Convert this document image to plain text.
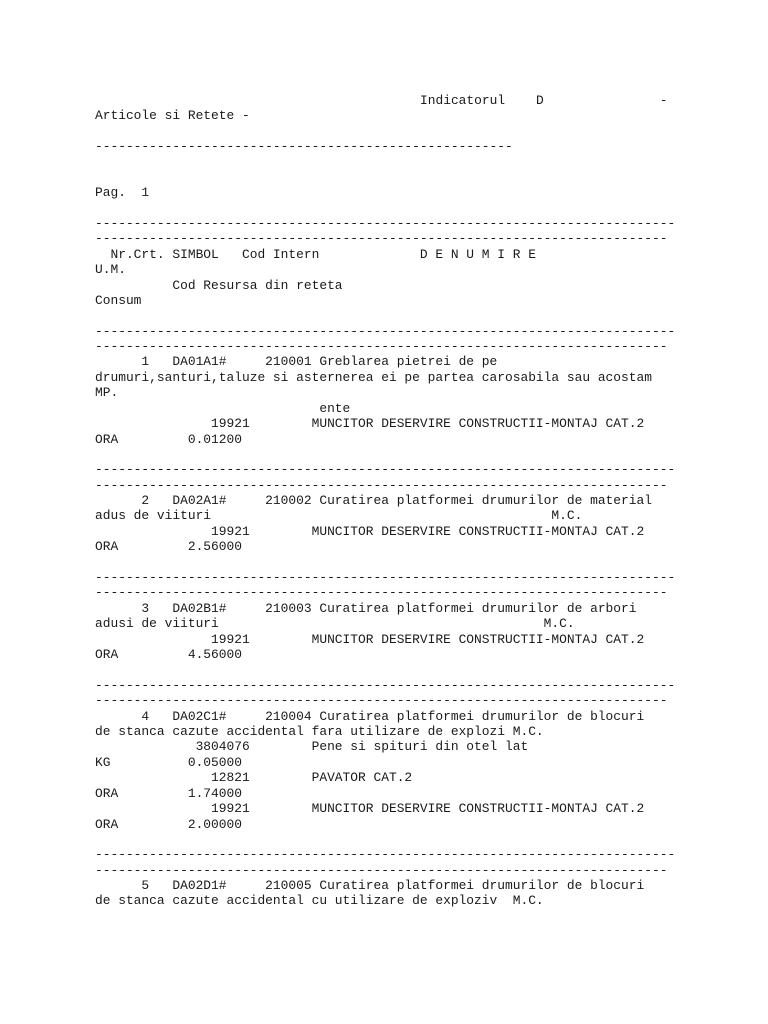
Indicatorul    D               -
Articole si Retete -
------------------------------------------------------
Pag.  1
---------------------------------------------------------------------------
--------------------------------------------------------------------------
Nr.Crt. SIMBOL   Cod Intern             D E N U M I R E
U.M.
Cod Resursa din reteta
Consum
---------------------------------------------------------------------------
--------------------------------------------------------------------------
1   DA01A1#     210001 Greblarea pietrei de pe
drumuri,santuri,taluze si asternerea ei pe partea carosabila sau acostam
MP.
ente
19921        MUNCITOR DESERVIRE CONSTRUCTII-MONTAJ CAT.2
ORA         0.01200
---------------------------------------------------------------------------
--------------------------------------------------------------------------
2   DA02A1#     210002 Curatirea platformei drumurilor de material
adus de viituri                                            M.C.
19921        MUNCITOR DESERVIRE CONSTRUCTII-MONTAJ CAT.2
ORA         2.56000
---------------------------------------------------------------------------
--------------------------------------------------------------------------
3   DA02B1#     210003 Curatirea platformei drumurilor de arbori
adusi de viituri                                          M.C.
19921        MUNCITOR DESERVIRE CONSTRUCTII-MONTAJ CAT.2
ORA         4.56000
---------------------------------------------------------------------------
--------------------------------------------------------------------------
4   DA02C1#     210004 Curatirea platformei drumurilor de blocuri
de stanca cazute accidental fara utilizare de explozi M.C.
3804076        Pene si spituri din otel lat
KG          0.05000
12821        PAVATOR CAT.2
ORA         1.74000
19921        MUNCITOR DESERVIRE CONSTRUCTII-MONTAJ CAT.2
ORA         2.00000
---------------------------------------------------------------------------
--------------------------------------------------------------------------
5   DA02D1#     210005 Curatirea platformei drumurilor de blocuri
de stanca cazute accidental cu utilizare de exploziv  M.C.
